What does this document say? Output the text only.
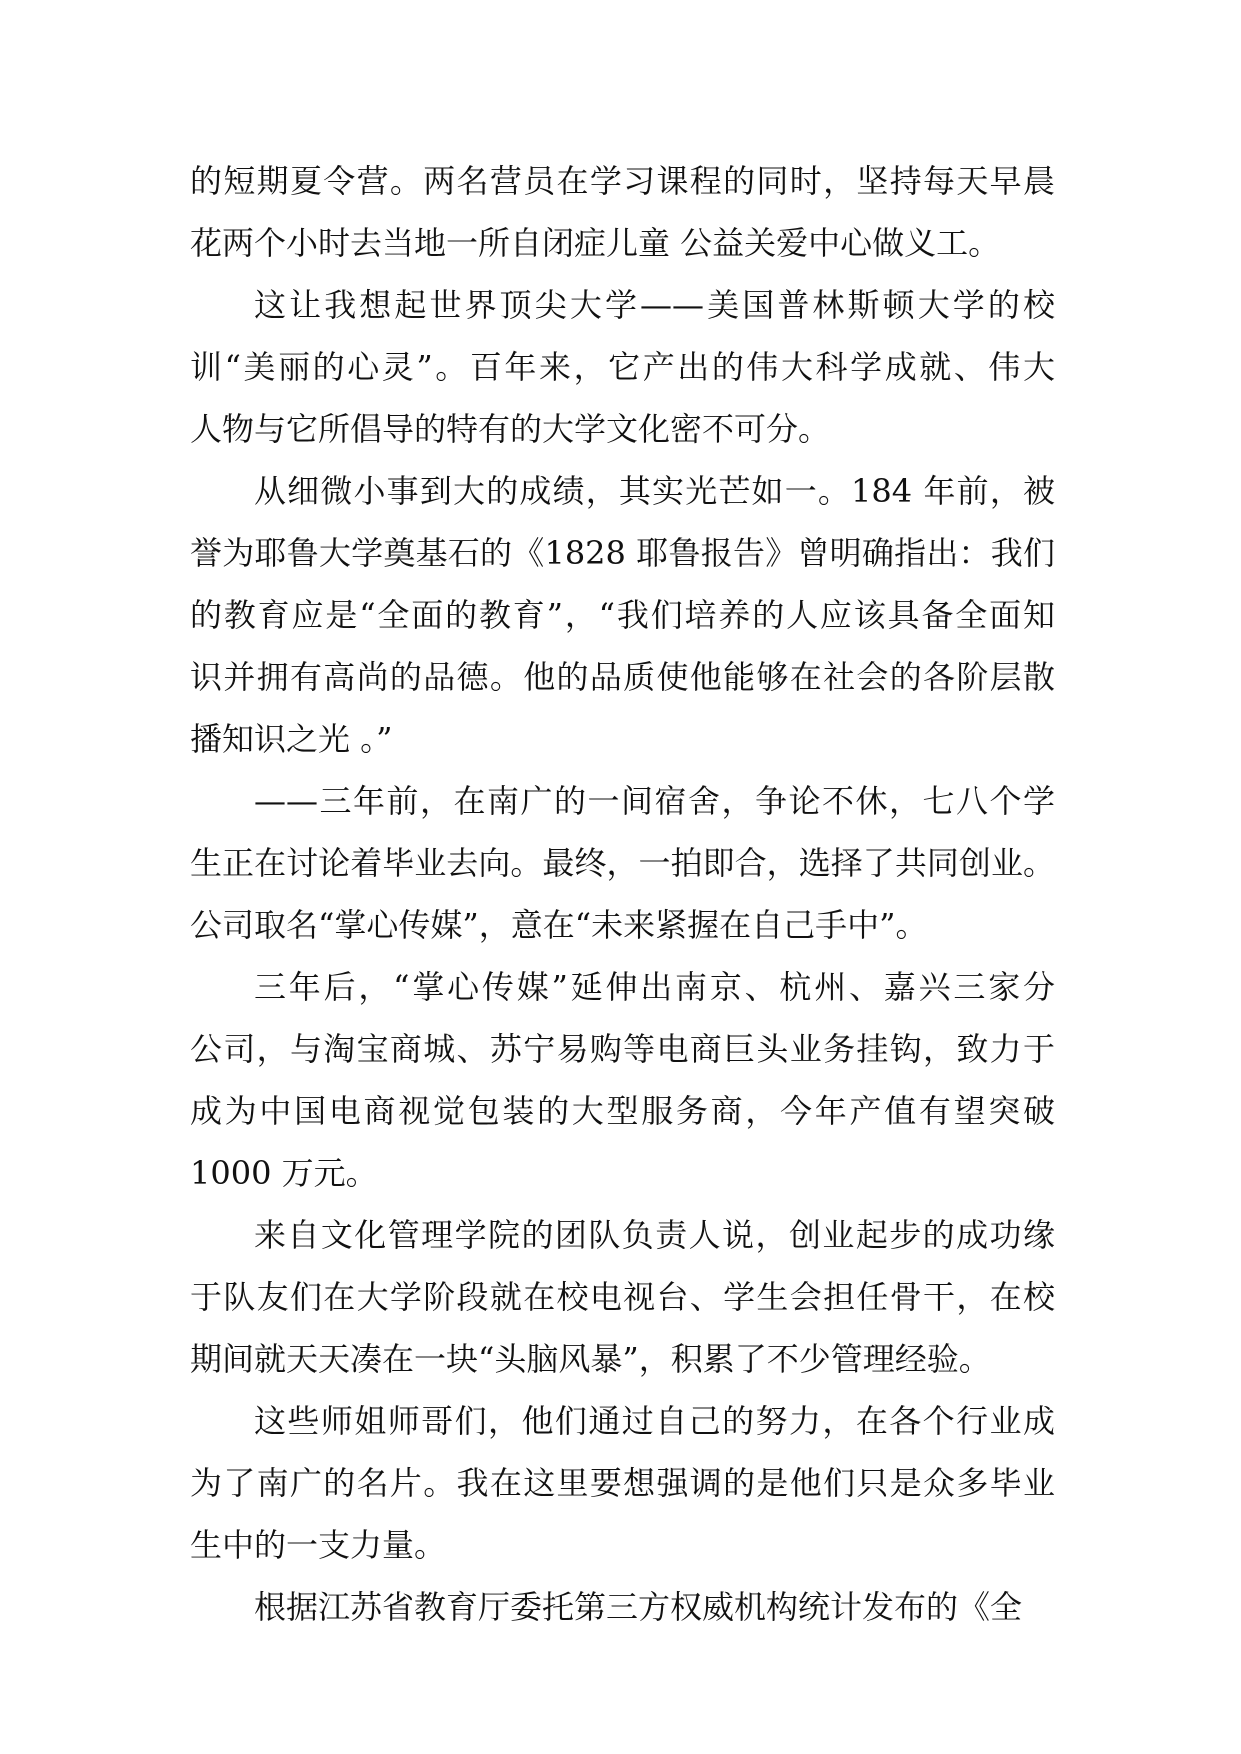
的短期夏令营。两名营员在学习课程的同时，坚持每天早晨
花两个小时去当地一所自闭症儿童 公益关爱中心做义工。
这让我想起世界顶尖大学——美国普林斯顿大学的校
训“美丽的心灵”。百年来，它产出的伟大科学成就、伟大
人物与它所倡导的特有的大学文化密不可分。
从细微小事到大的成绩，其实光芒如一。184 年前，被
誉为耶鲁大学奠基石的《1828 耶鲁报告》曾明确指出：我们
的教育应是“全面的教育”，“我们培养的人应该具备全面知
识并拥有高尚的品德。他的品质使他能够在社会的各阶层散
播知识之光 。”
——三年前，在南广的一间宿舍，争论不休，七八个学
生正在讨论着毕业去向。最终，一拍即合，选择了共同创业。
公司取名“掌心传媒”，意在“未来紧握在自己手中”。
三年后，“掌心传媒”延伸出南京、杭州、嘉兴三家分
公司，与淘宝商城、苏宁易购等电商巨头业务挂钩，致力于
成为中国电商视觉包装的大型服务商，今年产值有望突破
1000 万元。
来自文化管理学院的团队负责人说，创业起步的成功缘
于队友们在大学阶段就在校电视台、学生会担任骨干，在校
期间就天天凑在一块“头脑风暴”，积累了不少管理经验。
这些师姐师哥们，他们通过自己的努力，在各个行业成
为了南广的名片。我在这里要想强调的是他们只是众多毕业
生中的一支力量。
根据江苏省教育厅委托第三方权威机构统计发布的《全
